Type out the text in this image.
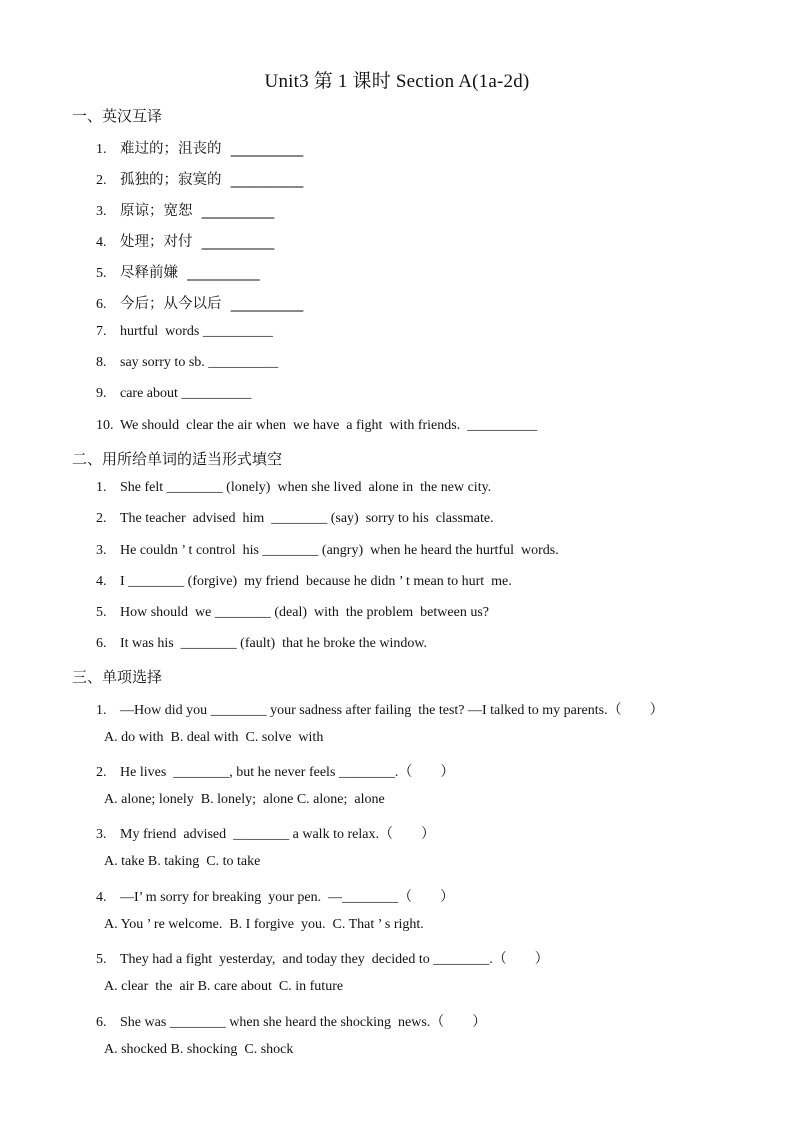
Unit3 第 1 课时 Section A(1a-2d)
一、英汉互译
1. 难过的；沮丧的  __________
2. 孤独的；寂寞的  __________
3. 原谅；宽恕  __________
4. 处理；对付  __________
5. 尽释前嫌  __________
6. 今后；从今以后  __________
7. hurtful  words __________
8. say sorry to sb. __________
9. care about __________
10. We should  clear the air when  we have  a fight  with friends.  __________
二、用所给单词的适当形式填空
1. She felt ________ (lonely)  when she lived  alone in  the new city.
2. The teacher  advised  him  ________ (say)  sorry to his  classmate.
3. He couldn ’ t control  his ________ (angry)  when he heard the hurtful  words.
4. I ________ (forgive)  my friend  because he didn ’ t mean to hurt  me.
5. How should  we ________ (deal)  with  the problem  between us?
6. It was his  ________ (fault)  that he broke the window.
三、单项选择
1. —How did you ________ your sadness after failing  the test? —I talked to my parents.（        ）
A. do with  B. deal with  C. solve  with
2. He lives  ________, but he never feels ________.（        ）
A. alone; lonely  B. lonely;  alone C. alone;  alone
3. My friend  advised  ________ a walk to relax.（        ）
A. take B. taking  C. to take
4. —I’ m sorry for breaking  your pen.  —________（        ）
A. You ’ re welcome.  B. I forgive  you.  C. That ’ s right.
5. They had a fight  yesterday,  and today they  decided to ________.（        ）
A. clear  the  air B. care about  C. in future
6. She was ________ when she heard the shocking  news.（        ）
A. shocked B. shocking  C. shock
